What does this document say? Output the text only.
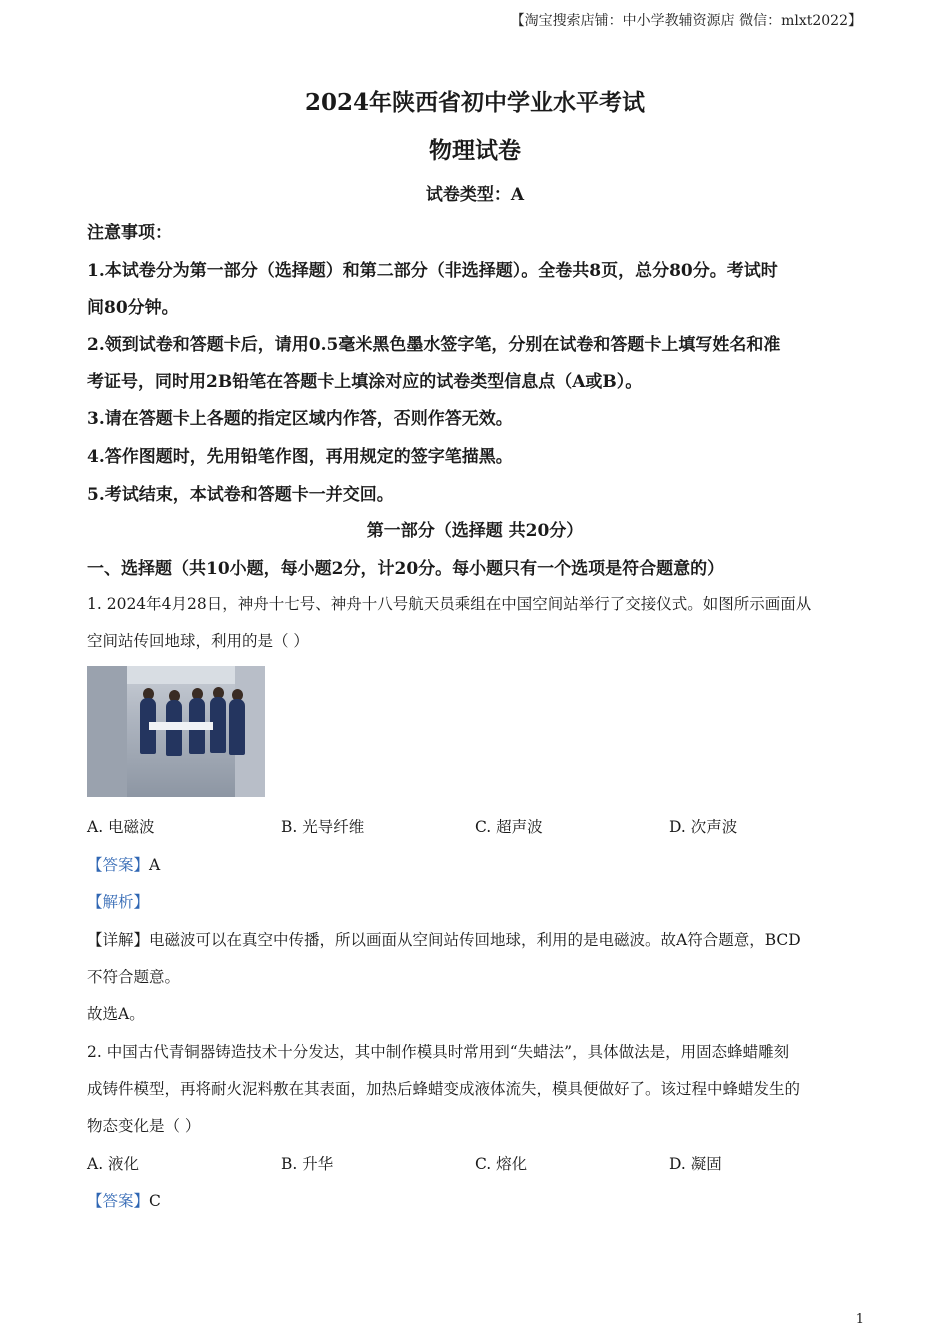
【淘宝搜索店铺：中小学教辅资源店 微信：mlxt2022】
2024年陕西省初中学业水平考试
物理试卷
试卷类型：A
注意事项：
1.本试卷分为第一部分（选择题）和第二部分（非选择题）。全卷共8页，总分80分。考试时
间80分钟。
2.领到试卷和答题卡后，请用0.5毫米黑色墨水签字笔，分别在试卷和答题卡上填写姓名和准
考证号，同时用2B铅笔在答题卡上填涂对应的试卷类型信息点（A或B）。
3.请在答题卡上各题的指定区域内作答，否则作答无效。
4.答作图题时，先用铅笔作图，再用规定的签字笔描黑。
5.考试结束，本试卷和答题卡一并交回。
第一部分（选择题 共20分）
一、选择题（共10小题，每小题2分，计20分。每小题只有一个选项是符合题意的）
1. 2024年4月28日，神舟十七号、神舟十八号航天员乘组在中国空间站举行了交接仪式。如图所示画面从
空间站传回地球，利用的是（ ）
A. 电磁波	B. 光导纤维	C. 超声波	D. 次声波
【答案】A
【解析】
【详解】电磁波可以在真空中传播，所以画面从空间站传回地球，利用的是电磁波。故A符合题意，BCD
不符合题意。
故选A。
2. 中国古代青铜器铸造技术十分发达，其中制作模具时常用到“失蜡法”，具体做法是，用固态蜂蜡雕刻
成铸件模型，再将耐火泥料敷在其表面，加热后蜂蜡变成液体流失，模具便做好了。该过程中蜂蜡发生的
物态变化是（ ）
A. 液化	B. 升华	C. 熔化	D. 凝固
【答案】C
1
